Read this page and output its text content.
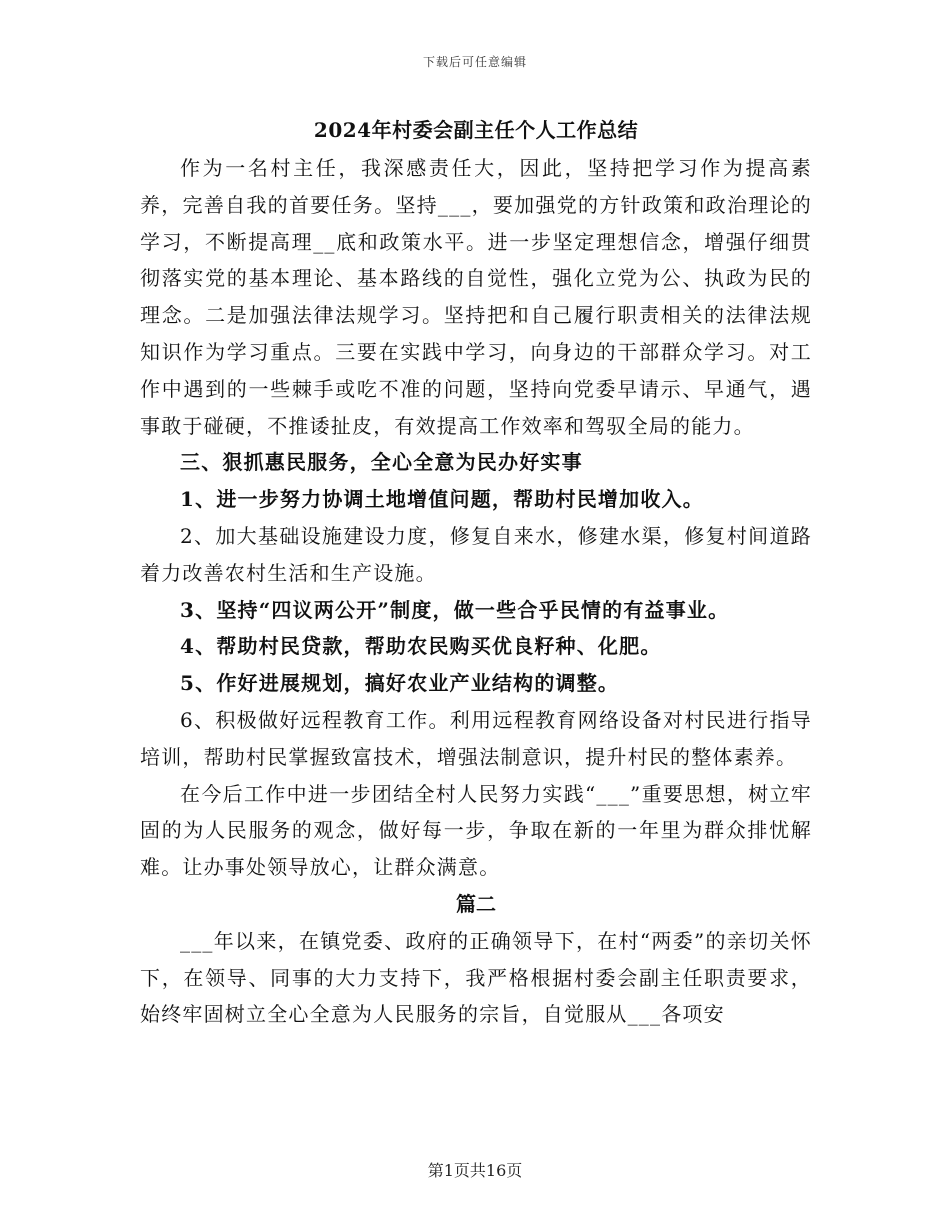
下载后可任意编辑
2024年村委会副主任个人工作总结

作为一名村主任，我深感责任大，因此，坚持把学习作为提高素养，完善自我的首要任务。坚持___，要加强党的方针政策和政治理论的学习，不断提高理__底和政策水平。进一步坚定理想信念，增强仔细贯彻落实党的基本理论、基本路线的自觉性，强化立党为公、执政为民的理念。二是加强法律法规学习。坚持把和自己履行职责相关的法律法规知识作为学习重点。三要在实践中学习，向身边的干部群众学习。对工作中遇到的一些棘手或吃不准的问题，坚持向党委早请示、早通气，遇事敢于碰硬，不推诿扯皮，有效提高工作效率和驾驭全局的能力。

三、狠抓惠民服务，全心全意为民办好实事

1、进一步努力协调土地增值问题，帮助村民增加收入。

2、加大基础设施建设力度，修复自来水，修建水渠，修复村间道路着力改善农村生活和生产设施。

3、坚持“四议两公开”制度，做一些合乎民情的有益事业。

4、帮助村民贷款，帮助农民购买优良籽种、化肥。

5、作好进展规划，搞好农业产业结构的调整。

6、积极做好远程教育工作。利用远程教育网络设备对村民进行指导培训，帮助村民掌握致富技术，增强法制意识，提升村民的整体素养。

在今后工作中进一步团结全村人民努力实践“___”重要思想，树立牢固的为人民服务的观念，做好每一步，争取在新的一年里为群众排忧解难。让办事处领导放心，让群众满意。

篇二

___年以来，在镇党委、政府的正确领导下，在村“两委”的亲切关怀下，在领导、同事的大力支持下，我严格根据村委会副主任职责要求，始终牢固树立全心全意为人民服务的宗旨，自觉服从___各项安

第1页共16页
